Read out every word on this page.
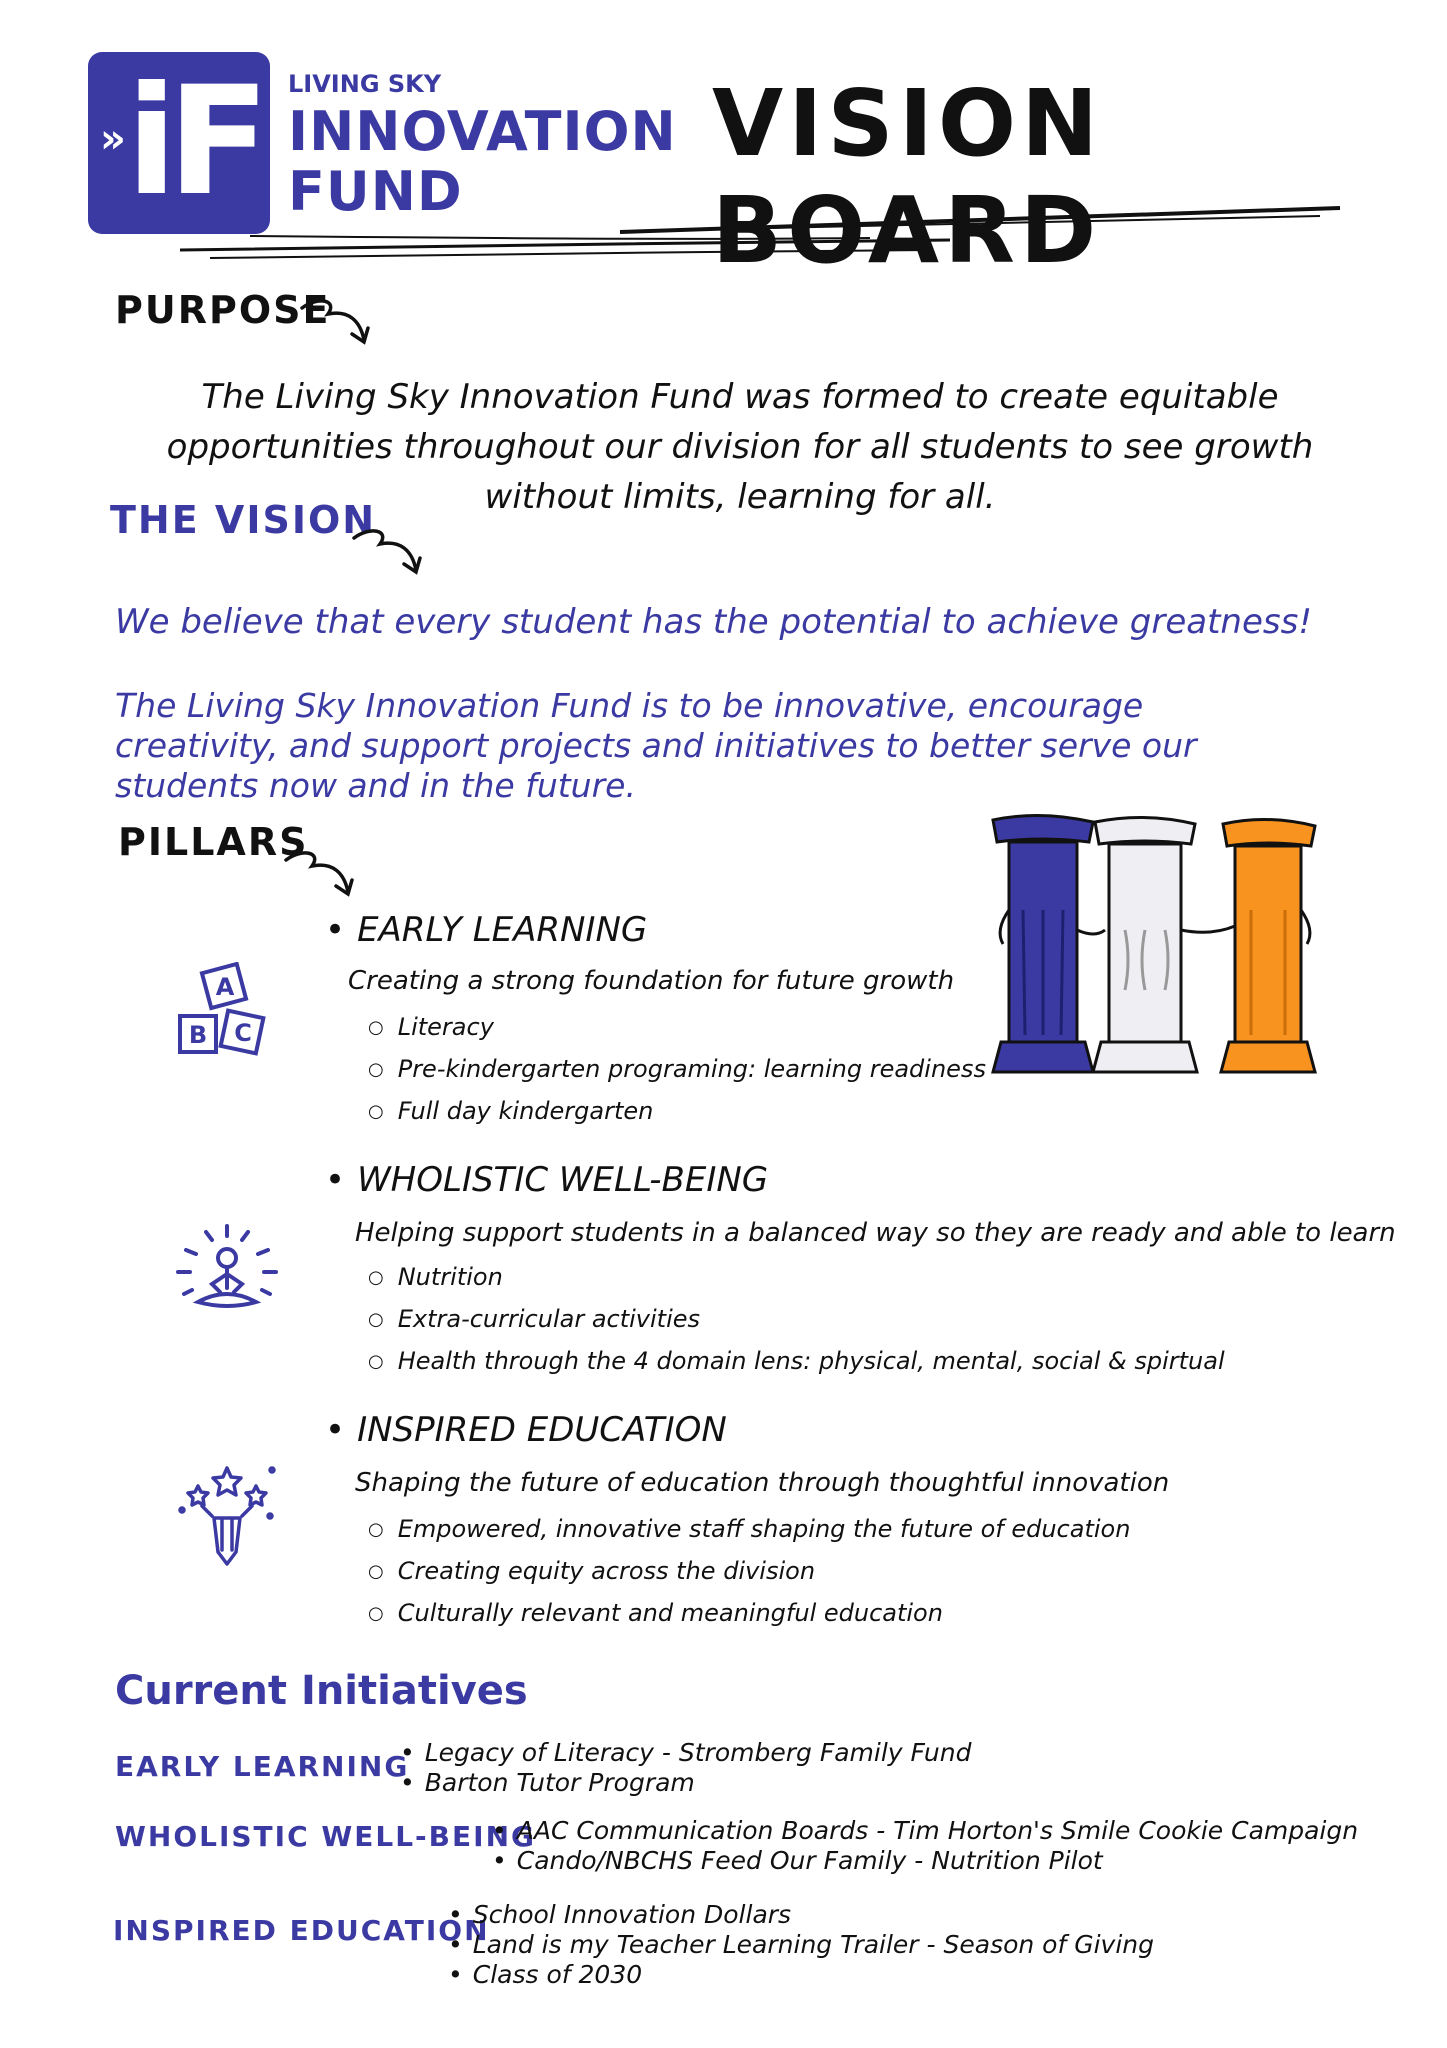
» iF LIVING SKY
INNOVATION
FUND
VISION BOARD
PURPOSE
The Living Sky Innovation Fund was formed to create equitable opportunities throughout our division for all students to see growth without limits, learning for all.
THE VISION
We believe that every student has the potential to achieve greatness!
The Living Sky Innovation Fund is to be innovative, encourage creativity, and support projects and initiatives to better serve our students now and in the future.
PILLARS
A
B C
• EARLY LEARNING
Creating a strong foundation for future growth
○ Literacy
○ Pre-kindergarten programing: learning readiness
○ Full day kindergarten
• WHOLISTIC WELL-BEING
Helping support students in a balanced way so they are ready and able to learn
○ Nutrition
○ Extra-curricular activities
○ Health through the 4 domain lens: physical, mental, social & spirtual
• INSPIRED EDUCATION
Shaping the future of education through thoughtful innovation
○ Empowered, innovative staff shaping the future of education
○ Creating equity across the division
○ Culturally relevant and meaningful education
Current Initiatives
EARLY LEARNING
• Legacy of Literacy - Stromberg Family Fund
• Barton Tutor Program
WHOLISTIC WELL-BEING
• AAC Communication Boards - Tim Horton's Smile Cookie Campaign
• Cando/NBCHS Feed Our Family - Nutrition Pilot
INSPIRED EDUCATION
• School Innovation Dollars
• Land is my Teacher Learning Trailer - Season of Giving
• Class of 2030
